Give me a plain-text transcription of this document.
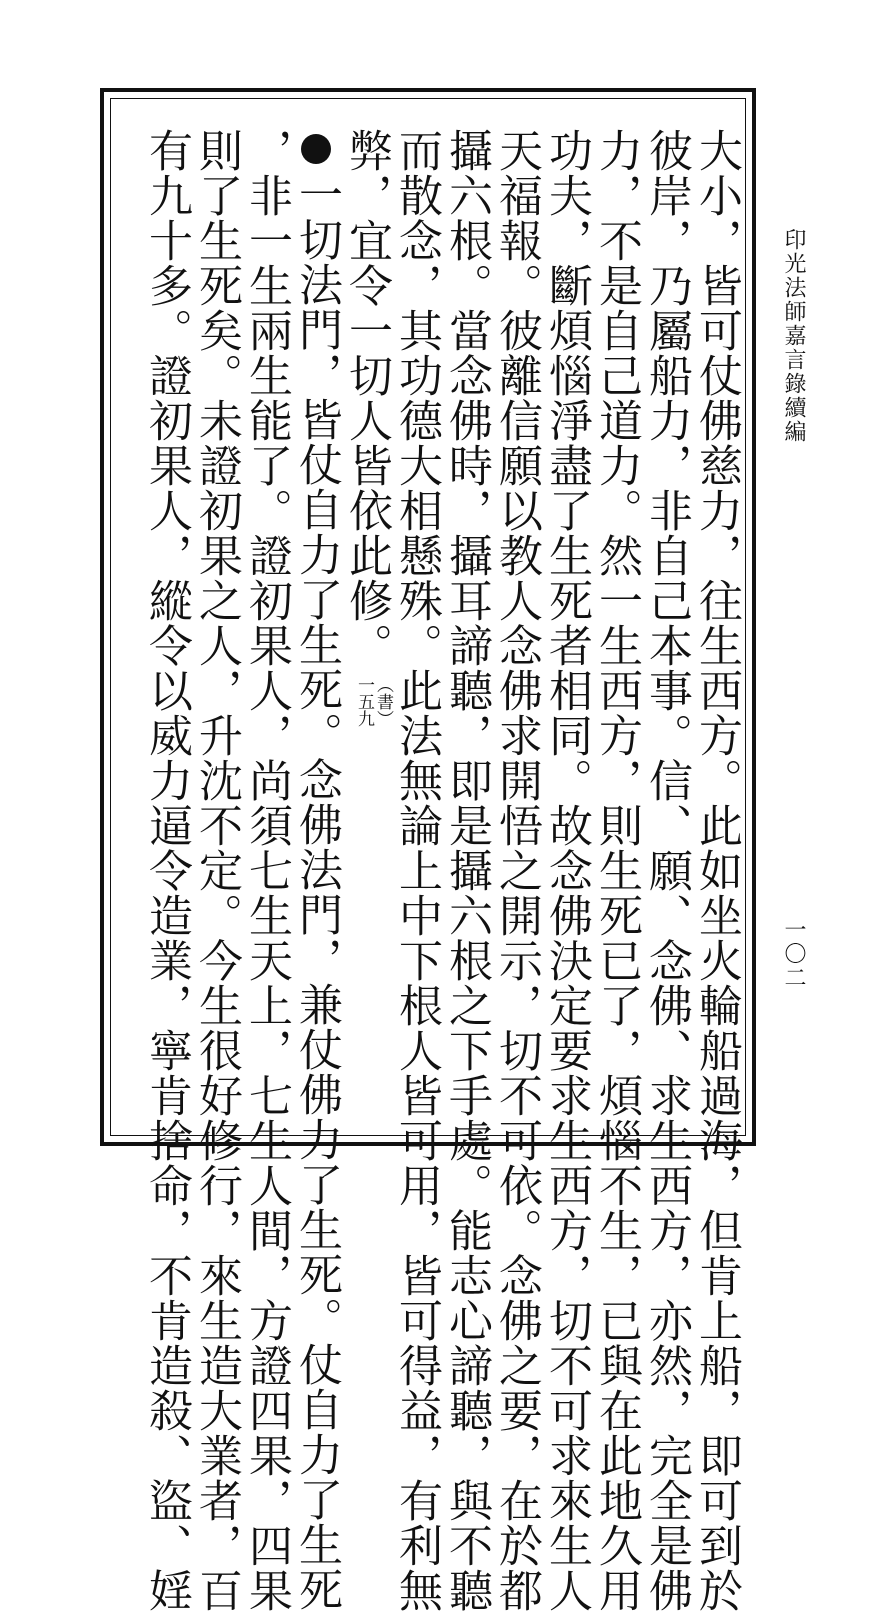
印光法師嘉言錄續編
一〇二
大小，皆可仗佛慈力，往生西方。此如坐火輪船過海，但肯上船，即可到於
彼岸，乃屬船力，非自己本事。信、願、念佛、求生西方，亦然，完全是佛
力，不是自己道力。然一生西方，則生死已了，煩惱不生，已與在此地久用
功夫，斷煩惱淨盡了生死者相同。故念佛決定要求生西方，切不可求來生人
天福報。彼離信願以教人念佛求開悟之開示，切不可依。念佛之要，在於都
攝六根。當念佛時，攝耳諦聽，即是攝六根之下手處。能志心諦聽，與不聽
而散念，其功德大相懸殊。此法無論上中下根人皆可用，皆可得益，有利無
弊，宜令一切人皆依此修。
（書）
一五九
一切法門，皆仗自力了生死。念佛法門，兼仗佛力了生死。仗自力了生死
，非一生兩生能了。證初果人，尚須七生天上，七生人間，方證四果，四果
則了生死矣。未證初果之人，升沈不定。今生很好修行，來生造大業者，百
有九十多。證初果人，縱令以威力逼令造業，寧肯捨命，不肯造殺、盜、婬
